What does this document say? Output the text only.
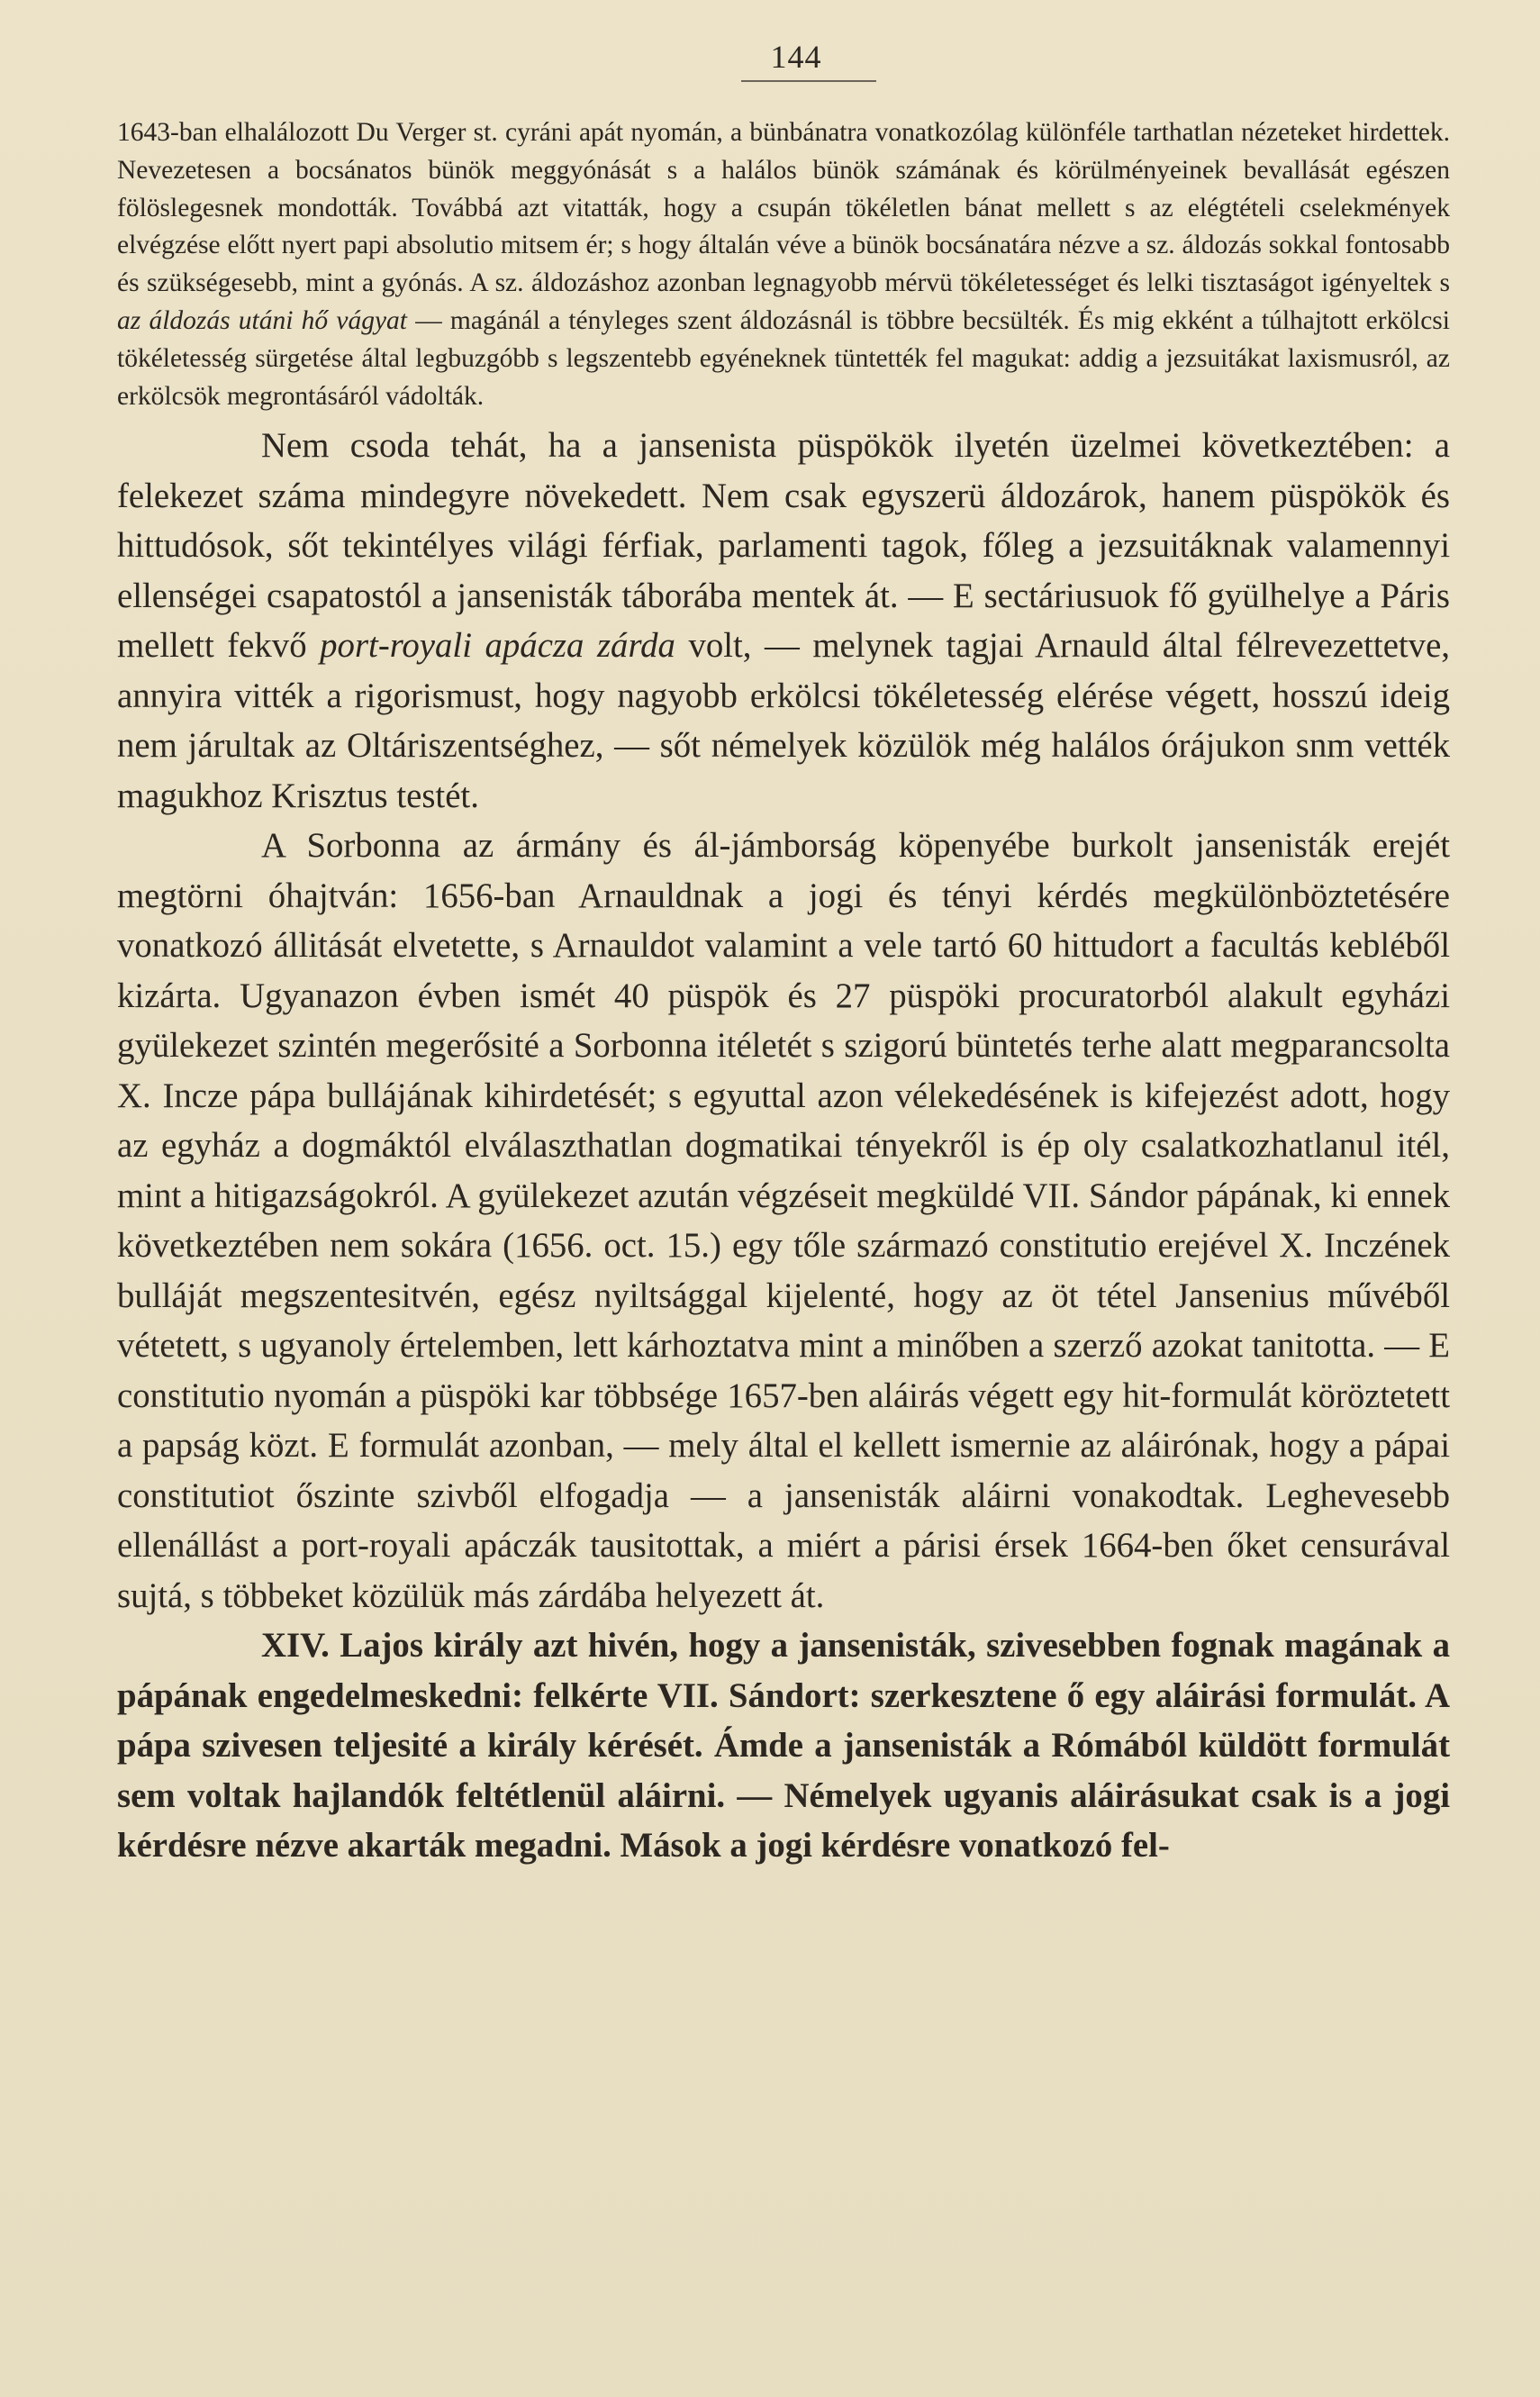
144
1643-ban elhalálozott Du Verger st. cyráni apát nyomán, a bünbánatra vonatkozólag különféle tarthatlan nézeteket hirdettek. Nevezetesen a bocsánatos bünök meggyónását s a halálos bünök számának és körülményeinek bevallását egészen fölöslegesnek mondották. Továbbá azt vitatták, hogy a csupán tökéletlen bánat mellett s az elégtételi cselekmények elvégzése előtt nyert papi absolutio mitsem ér; s hogy általán véve a bünök bocsánatára nézve a sz. áldozás sokkal fontosabb és szükségesebb, mint a gyónás. A sz. áldozáshoz azonban legnagyobb mérvü tökéletességet és lelki tisztaságot igényeltek s az áldozás utáni hő vágyat — magánál a tényleges szent áldozásnál is többre becsülték. És mig ekként a túlhajtott erkölcsi tökéletesség sürgetése által legbuzgóbb s legszentebb egyéneknek tüntették fel magukat: addig a jezsuitákat laxismusról, az erkölcsök megrontásáról vádolták.

Nem csoda tehát, ha a jansenista püspökök ilyetén üzelmei következtében: a felekezet száma mindegyre növekedett. Nem csak egyszerü áldozárok, hanem püspökök és hittudósok, sőt tekintélyes világi férfiak, parlamenti tagok, főleg a jezsuitáknak valamennyi ellenségei csapatostól a jansenisták táborába mentek át. — E sectáriusuok fő gyülhelye a Páris mellett fekvő port-royali apácza zárda volt, — melynek tagjai Arnauld által félrevezettetve, annyira vitték a rigorismust, hogy nagyobb erkölcsi tökéletesség elérése végett, hosszú ideig nem járultak az Oltáriszentséghez, — sőt némelyek közülök még halálos órájukon snm vették magukhoz Krisztus testét.

A Sorbonna az ármány és ál-jámborság köpenyébe burkolt jansenisták erejét megtörni óhajtván: 1656-ban Arnauldnak a jogi és tényi kérdés megkülönböztetésére vonatkozó állitását elvetette, s Arnauldot valamint a vele tartó 60 hittudort a facultás kebléből kizárta. Ugyanazon évben ismét 40 püspök és 27 püspöki procuratorból alakult egyházi gyülekezet szintén megerősité a Sorbonna itéletét s szigorú büntetés terhe alatt megparancsolta X. Incze pápa bullájának kihirdetését; s egyuttal azon vélekedésének is kifejezést adott, hogy az egyház a dogmáktól elválaszthatlan dogmatikai tényekről is ép oly csalatkozhatlanul itél, mint a hitigazságokról. A gyülekezet azután végzéseit megküldé VII. Sándor pápának, ki ennek következtében nem sokára (1656. oct. 15.) egy tőle származó constitutio erejével X. Inczének bulláját megszentesitvén, egész nyiltsággal kijelenté, hogy az öt tétel Jansenius művéből vétetett, s ugyanoly értelemben, lett kárhoztatva mint a minőben a szerző azokat tanitotta. — E constitutio nyomán a püspöki kar többsége 1657-ben aláirás végett egy hit-formulát köröztetett a papság közt. E formulát azonban, — mely által el kellett ismernie az aláirónak, hogy a pápai constitutiot őszinte szivből elfogadja — a jansenisták aláirni vonakodtak. Leghevesebb ellenállást a port-royali apáczák tausitottak, a miért a párisi érsek 1664-ben őket censurával sujtá, s többeket közülük más zárdába helyezett át.

XIV. Lajos király azt hivén, hogy a jansenisták, szivesebben fognak magának a pápának engedelmeskedni: felkérte VII. Sándort: szerkesztene ő egy aláirási formulát. A pápa szivesen teljesité a király kérését. Ámde a jansenisták a Rómából küldött formulát sem voltak hajlandók feltétlenül aláirni. — Némelyek ugyanis aláirásukat csak is a jogi kérdésre nézve akarták megadni. Mások a jogi kérdésre vonatkozó fel-
